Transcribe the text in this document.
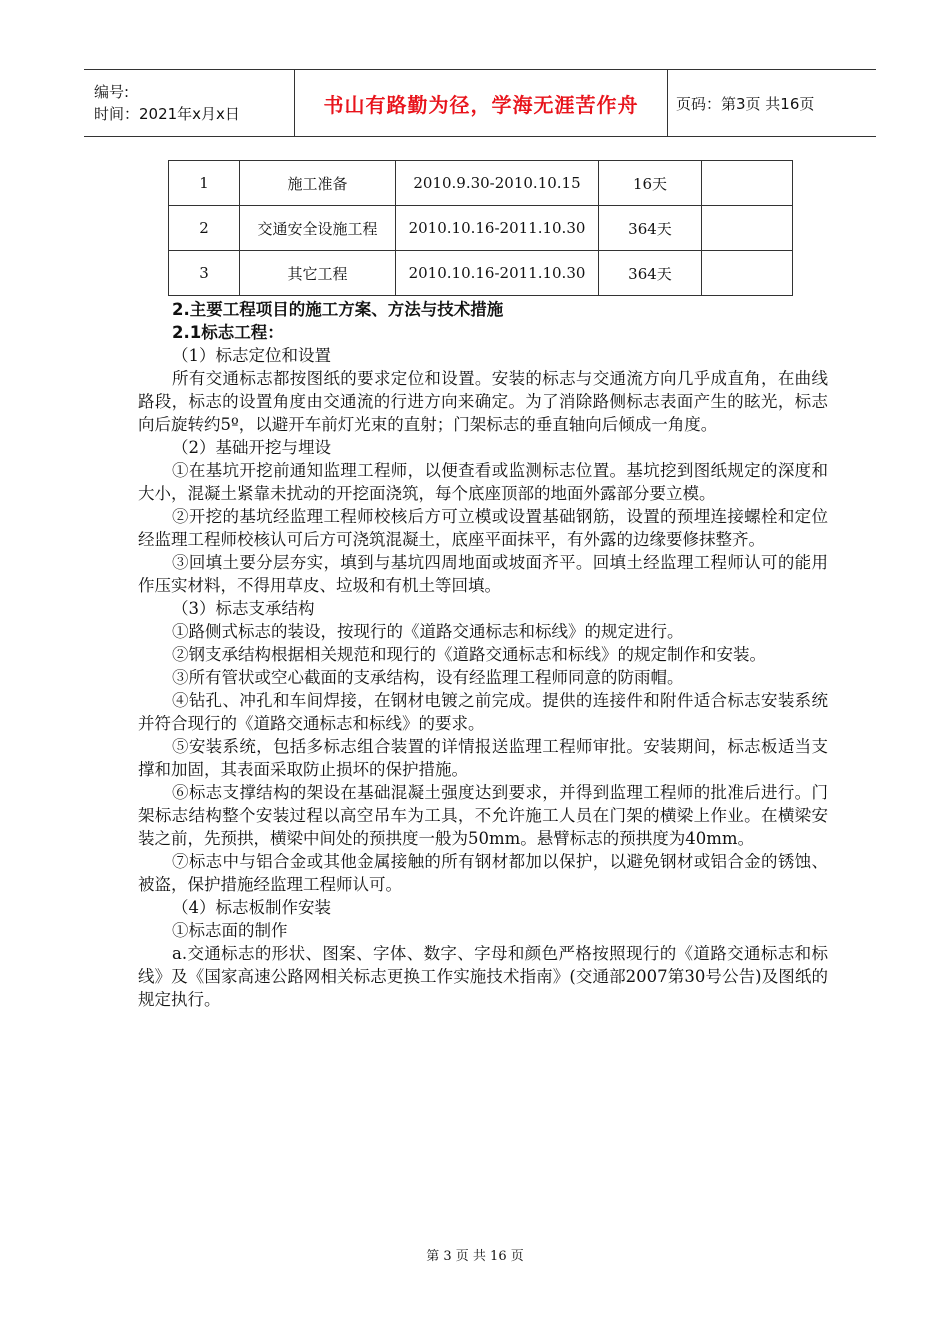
编号:
时间：2021年x月x日	书山有路勤为径，学海无涯苦作舟	页码：第3页 共16页
1	施工准备	2010.9.30-2010.10.15	16天	
2	交通安全设施工程	2010.10.16-2011.10.30	364天	
3	其它工程	2010.10.16-2011.10.30	364天	

2.主要工程项目的施工方案、方法与技术措施

2.1标志工程：

（1）标志定位和设置

所有交通标志都按图纸的要求定位和设置。安装的标志与交通流方向几乎成直角，在曲线路段，标志的设置角度由交通流的行进方向来确定。为了消除路侧标志表面产生的眩光，标志向后旋转约5º，以避开车前灯光束的直射；门架标志的垂直轴向后倾成一角度。

（2）基础开挖与埋设

①在基坑开挖前通知监理工程师，以便查看或监测标志位置。基坑挖到图纸规定的深度和大小，混凝土紧靠未扰动的开挖面浇筑，每个底座顶部的地面外露部分要立模。

②开挖的基坑经监理工程师校核后方可立模或设置基础钢筋，设置的预埋连接螺栓和定位经监理工程师校核认可后方可浇筑混凝土，底座平面抹平，有外露的边缘要修抹整齐。

③回填土要分层夯实，填到与基坑四周地面或坡面齐平。回填土经监理工程师认可的能用作压实材料，不得用草皮、垃圾和有机土等回填。

（3）标志支承结构

①路侧式标志的装设，按现行的《道路交通标志和标线》的规定进行。

②钢支承结构根据相关规范和现行的《道路交通标志和标线》的规定制作和安装。

③所有管状或空心截面的支承结构，设有经监理工程师同意的防雨帽。

④钻孔、冲孔和车间焊接，在钢材电镀之前完成。提供的连接件和附件适合标志安装系统并符合现行的《道路交通标志和标线》的要求。

⑤安装系统，包括多标志组合装置的详情报送监理工程师审批。安装期间，标志板适当支撑和加固，其表面采取防止损坏的保护措施。

⑥标志支撑结构的架设在基础混凝土强度达到要求，并得到监理工程师的批准后进行。门架标志结构整个安装过程以高空吊车为工具，不允许施工人员在门架的横梁上作业。在横梁安装之前，先预拱，横梁中间处的预拱度一般为50mm。悬臂标志的预拱度为40mm。

⑦标志中与铝合金或其他金属接触的所有钢材都加以保护，以避免钢材或铝合金的锈蚀、被盗，保护措施经监理工程师认可。

（4）标志板制作安装

①标志面的制作

a.交通标志的形状、图案、字体、数字、字母和颜色严格按照现行的《道路交通标志和标线》及《国家高速公路网相关标志更换工作实施技术指南》(交通部2007第30号公告)及图纸的规定执行。

第 3 页 共 16 页
